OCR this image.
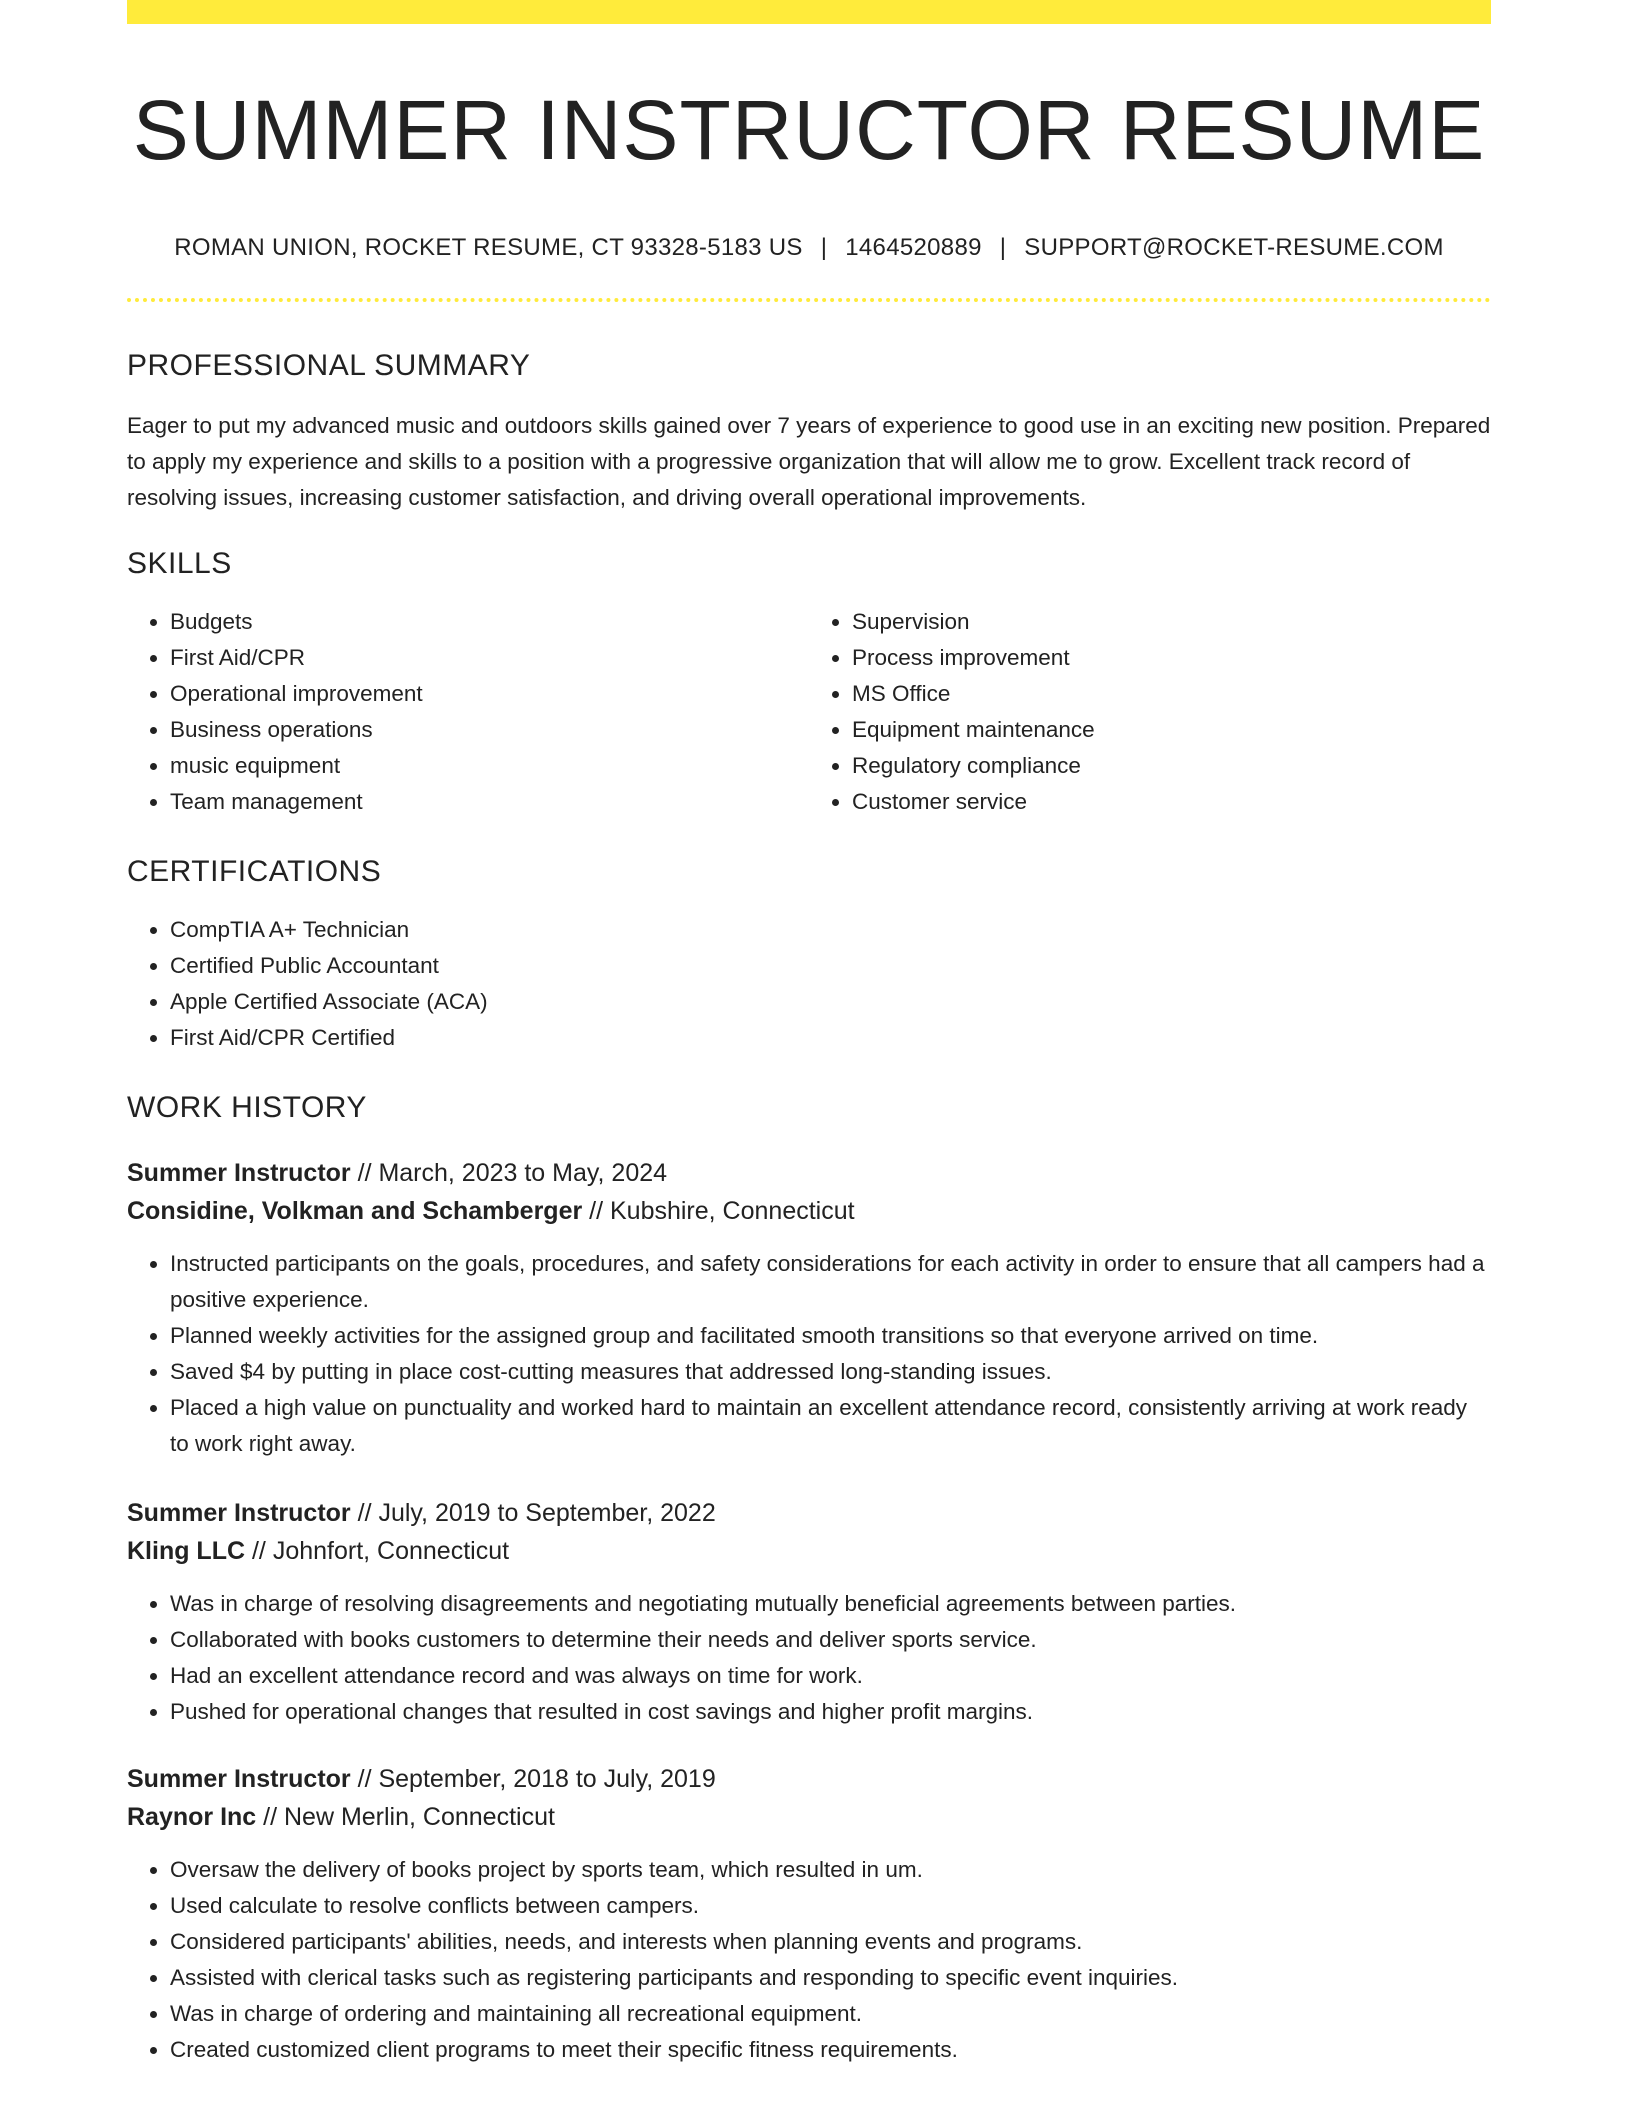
SUMMER INSTRUCTOR RESUME
ROMAN UNION, ROCKET RESUME, CT 93328-5183 US | 1464520889 | SUPPORT@ROCKET-RESUME.COM
PROFESSIONAL SUMMARY

Eager to put my advanced music and outdoors skills gained over 7 years of experience to good use in an exciting new position. Prepared to apply my experience and skills to a position with a progressive organization that will allow me to grow. Excellent track record of resolving issues, increasing customer satisfaction, and driving overall operational improvements.

SKILLS
• Budgets
• First Aid/CPR
• Operational improvement
• Business operations
• music equipment
• Team management
• Supervision
• Process improvement
• MS Office
• Equipment maintenance
• Regulatory compliance
• Customer service
CERTIFICATIONS
• CompTIA A+ Technician
• Certified Public Accountant
• Apple Certified Associate (ACA)
• First Aid/CPR Certified
WORK HISTORY
Summer Instructor // March, 2023 to May, 2024
Considine, Volkman and Schamberger // Kubshire, Connecticut
• Instructed participants on the goals, procedures, and safety considerations for each activity in order to ensure that all campers had a positive experience.
• Planned weekly activities for the assigned group and facilitated smooth transitions so that everyone arrived on time.
• Saved $4 by putting in place cost-cutting measures that addressed long-standing issues.
• Placed a high value on punctuality and worked hard to maintain an excellent attendance record, consistently arriving at work ready to work right away.
Summer Instructor // July, 2019 to September, 2022
Kling LLC // Johnfort, Connecticut
• Was in charge of resolving disagreements and negotiating mutually beneficial agreements between parties.
• Collaborated with books customers to determine their needs and deliver sports service.
• Had an excellent attendance record and was always on time for work.
• Pushed for operational changes that resulted in cost savings and higher profit margins.
Summer Instructor // September, 2018 to July, 2019
Raynor Inc // New Merlin, Connecticut
• Oversaw the delivery of books project by sports team, which resulted in um.
• Used calculate to resolve conflicts between campers.
• Considered participants' abilities, needs, and interests when planning events and programs.
• Assisted with clerical tasks such as registering participants and responding to specific event inquiries.
• Was in charge of ordering and maintaining all recreational equipment.
• Created customized client programs to meet their specific fitness requirements.
